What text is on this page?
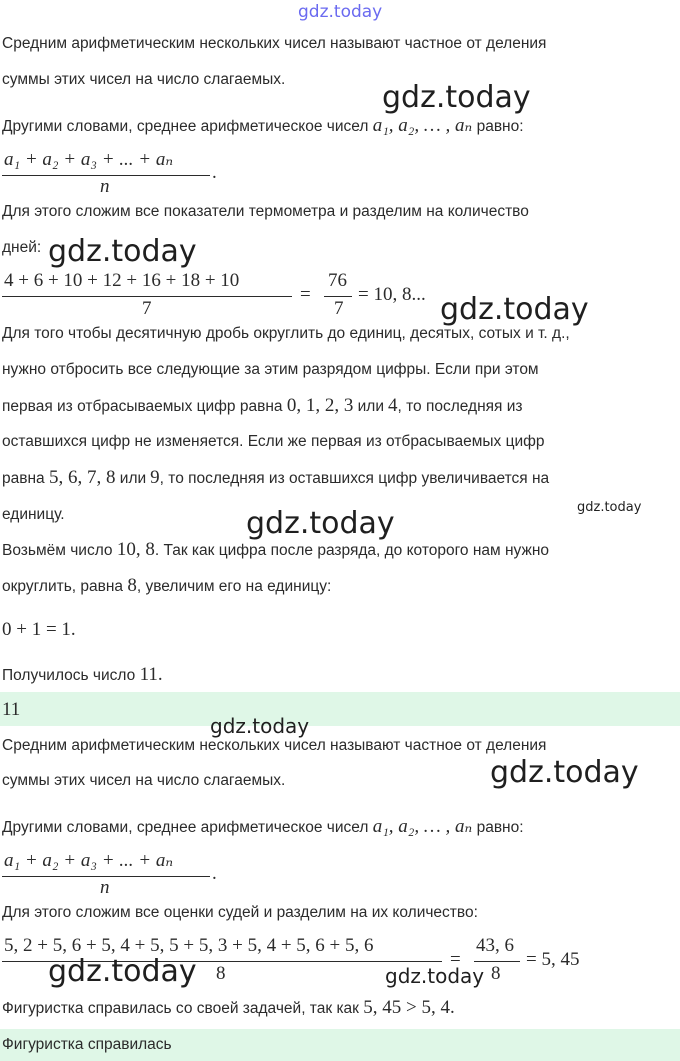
gdz.today
Средним арифметическим нескольких чисел называют частное от деления
суммы этих чисел на число слагаемых.
gdz.today
Другими словами, среднее арифметическое чисел a₁, a₂, … , aₙ равно:
a₁ + a₂ + a₃ + ... + aₙ
n
.
Для этого сложим все показатели термометра и разделим на количество
дней: gdz.today
4 + 6 + 10 + 12 + 16 + 18 + 10
7
=
76
7
= 10, 8... gdz.today
Для того чтобы десятичную дробь округлить до единиц, десятых, сотых и т. д.,
нужно отбросить все следующие за этим разрядом цифры. Если при этом
первая из отбрасываемых цифр равна 0, 1, 2, 3 или 4, то последняя из
оставшихся цифр не изменяется. Если же первая из отбрасываемых цифр
равна 5, 6, 7, 8 или 9, то последняя из оставшихся цифр увеличивается на
единицу.	gdz.today
gdz.today
Возьмём число 10, 8. Так как цифра после разряда, до которого нам нужно
округлить, равна 8, увеличим его на единицу:
0 + 1 = 1.
Получилось число 11.
11
gdz.today
Средним арифметическим нескольких чисел называют частное от деления
суммы этих чисел на число слагаемых.	gdz.today
Другими словами, среднее арифметическое чисел a₁, a₂, … , aₙ равно:
a₁ + a₂ + a₃ + ... + aₙ
n
.
Для этого сложим все оценки судей и разделим на их количество:
5, 2 + 5, 6 + 5, 4 + 5, 5 + 5, 3 + 5, 4 + 5, 6 + 5, 6
8
=
43, 6
8
= 5, 45
gdz.today	gdz.today
Фигуристка справилась со своей задачей, так как 5, 45 > 5, 4.
Фигуристка справилась
